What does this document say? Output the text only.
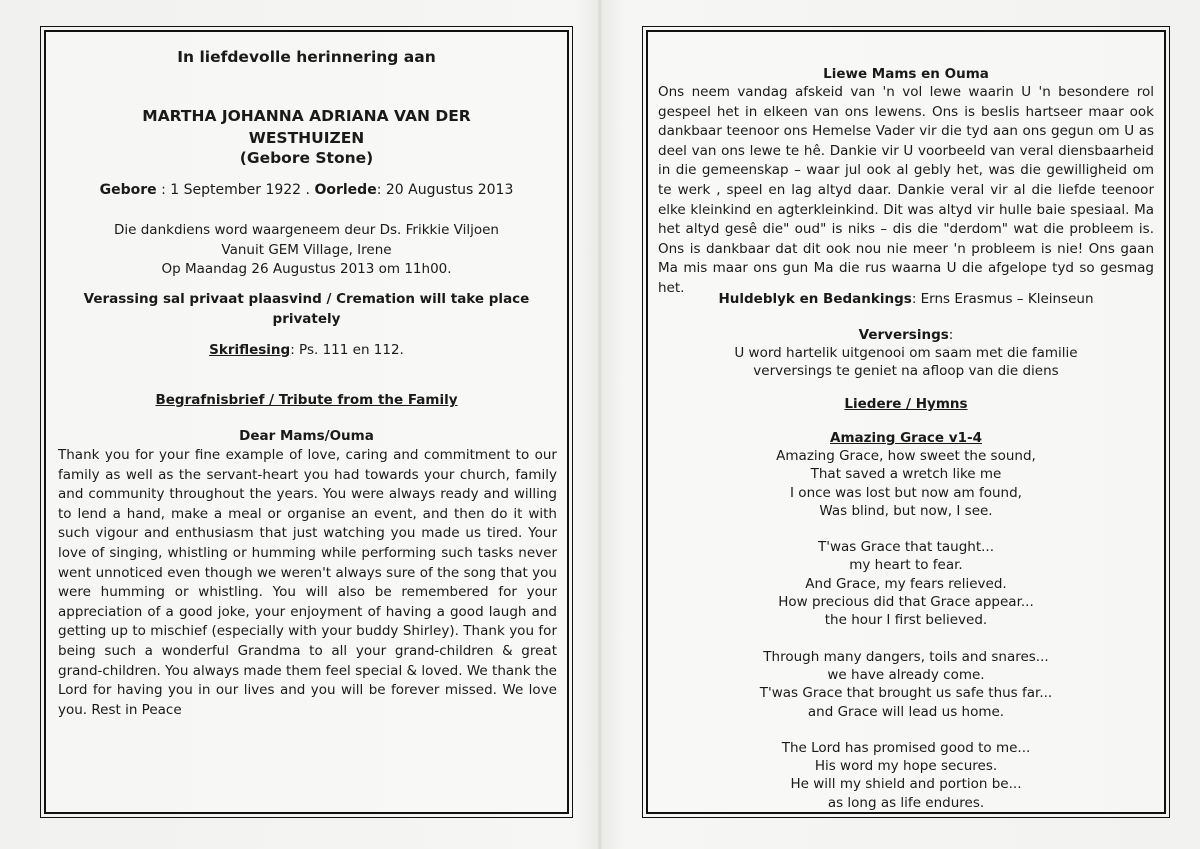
In liefdevolle herinnering aan
MARTHA JOHANNA ADRIANA VAN DER WESTHUIZEN
(Gebore Stone)
Gebore : 1 September 1922 . Oorlede: 20 Augustus 2013
Die dankdiens word waargeneem deur Ds. Frikkie Viljoen
Vanuit GEM Village, Irene
Op Maandag 26 Augustus 2013 om 11h00.
Verassing sal privaat plaasvind / Cremation will take place privately
Skriflesing: Ps. 111 en 112.
Begrafnisbrief / Tribute from the Family
Dear Mams/Ouma

Thank you for your fine example of love, caring and commitment to our family as well as the servant-heart you had towards your church, family and community throughout the years. You were always ready and willing to lend a hand, make a meal or organise an event, and then do it with such vigour and enthusiasm that just watching you made us tired. Your love of singing, whistling or humming while performing such tasks never went unnoticed even though we weren't always sure of the song that you were humming or whistling. You will also be remembered for your appreciation of a good joke, your enjoyment of having a good laugh and getting up to mischief (especially with your buddy Shirley). Thank you for being such a wonderful Grandma to all your grand-children & great grand-children. You always made them feel special & loved. We thank the Lord for having you in our lives and you will be forever missed. We love you. Rest in Peace

Liewe Mams en Ouma

Ons neem vandag afskeid van 'n vol lewe waarin U 'n besondere rol gespeel het in elkeen van ons lewens. Ons is beslis hartseer maar ook dankbaar teenoor ons Hemelse Vader vir die tyd aan ons gegun om U as deel van ons lewe te hê. Dankie vir U voorbeeld van veral diensbaarheid in die gemeenskap – waar jul ook al gebly het, was die gewilligheid om te werk , speel en lag altyd daar. Dankie veral vir al die liefde teenoor elke kleinkind en agterkleinkind. Dit was altyd vir hulle baie spesiaal. Ma het altyd gesê die" oud" is niks – dis die "derdom" wat die probleem is. Ons is dankbaar dat dit ook nou nie meer 'n probleem is nie! Ons gaan Ma mis maar ons gun Ma die rus waarna U die afgelope tyd so gesmag het.

Huldeblyk en Bedankings: Erns Erasmus – Kleinseun
Verversings:
U word hartelik uitgenooi om saam met die familie
verversings te geniet na afloop van die diens
Liedere / Hymns
Amazing Grace v1-4
Amazing Grace, how sweet the sound,
That saved a wretch like me
I once was lost but now am found,
Was blind, but now, I see.
T'was Grace that taught...
my heart to fear.
And Grace, my fears relieved.
How precious did that Grace appear...
the hour I first believed.
Through many dangers, toils and snares...
we have already come.
T'was Grace that brought us safe thus far...
and Grace will lead us home.
The Lord has promised good to me...
His word my hope secures.
He will my shield and portion be...
as long as life endures.
